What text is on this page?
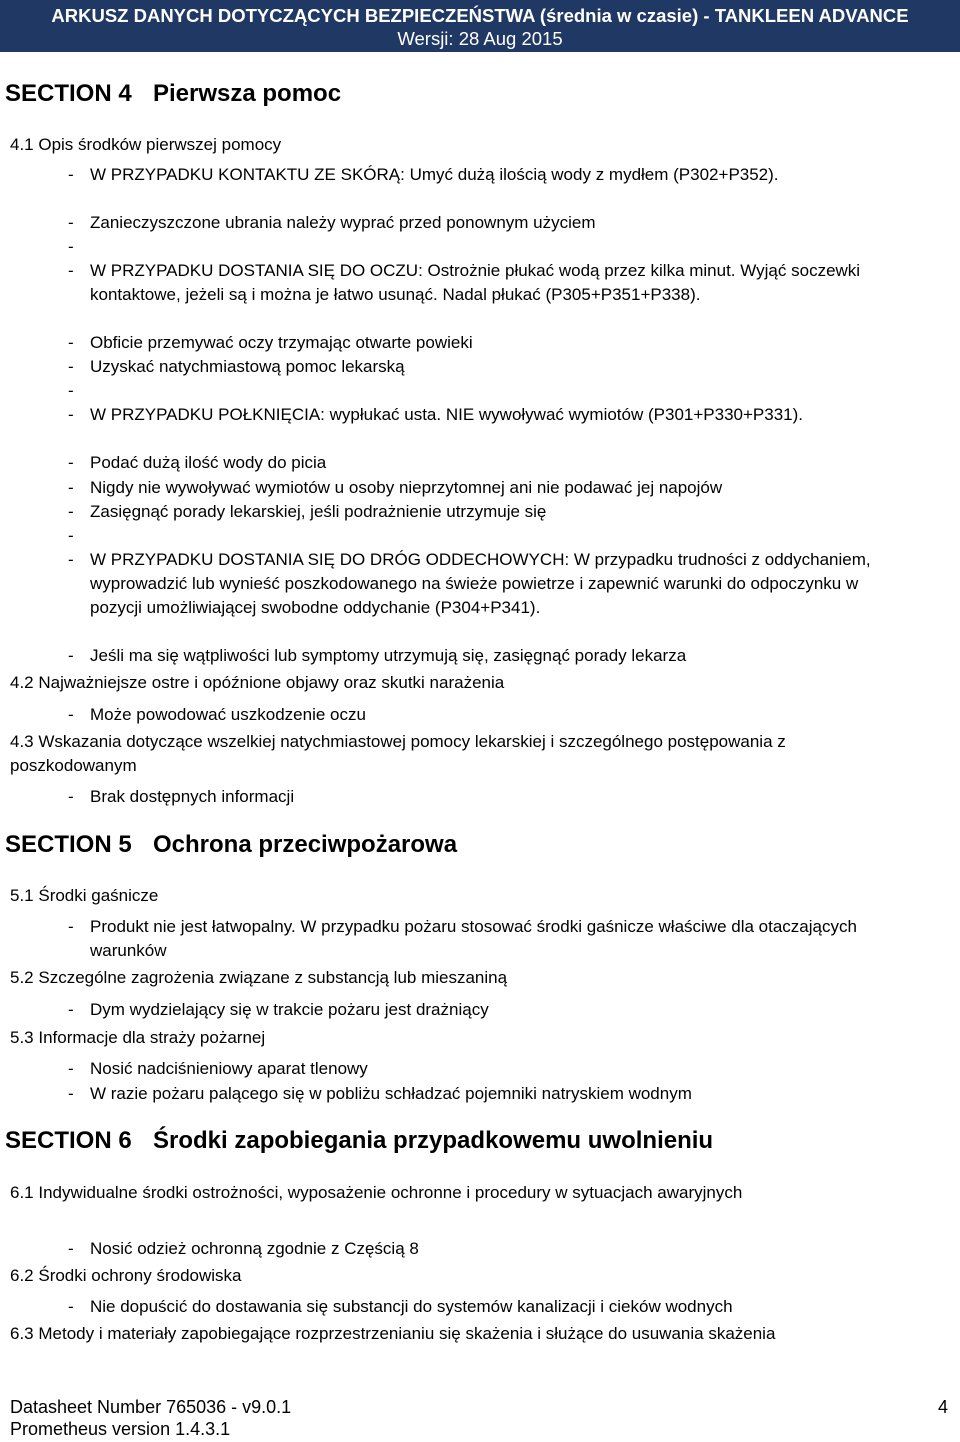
ARKUSZ DANYCH DOTYCZĄCYCH BEZPIECZEŃSTWA (średnia w czasie) - TANKLEEN ADVANCE
Wersji: 28 Aug 2015
SECTION 4 Pierwsza pomoc
4.1 Opis środków pierwszej pomocy
- W PRZYPADKU KONTAKTU ZE SKÓRĄ: Umyć dużą ilością wody z mydłem (P302+P352).
- Zanieczyszczone ubrania należy wyprać przed ponownym użyciem
-
- W PRZYPADKU DOSTANIA SIĘ DO OCZU: Ostrożnie płukać wodą przez kilka minut. Wyjąć soczewki kontaktowe, jeżeli są i można je łatwo usunąć. Nadal płukać (P305+P351+P338).
- Obficie przemywać oczy trzymając otwarte powieki
- Uzyskać natychmiastową pomoc lekarską
-
- W PRZYPADKU POŁKNIĘCIA: wypłukać usta. NIE wywoływać wymiotów (P301+P330+P331).
- Podać dużą ilość wody do picia
- Nigdy nie wywoływać wymiotów u osoby nieprzytomnej ani nie podawać jej napojów
- Zasięgnąć porady lekarskiej, jeśli podrażnienie utrzymuje się
-
- W PRZYPADKU DOSTANIA SIĘ DO DRÓG ODDECHOWYCH: W przypadku trudności z oddychaniem, wyprowadzić lub wynieść poszkodowanego na świeże powietrze i zapewnić warunki do odpoczynku w pozycji umożliwiającej swobodne oddychanie (P304+P341).
- Jeśli ma się wątpliwości lub symptomy utrzymują się, zasięgnąć porady lekarza
4.2 Najważniejsze ostre i opóźnione objawy oraz skutki narażenia
- Może powodować uszkodzenie oczu
4.3 Wskazania dotyczące wszelkiej natychmiastowej pomocy lekarskiej i szczególnego postępowania z poszkodowanym
- Brak dostępnych informacji
SECTION 5 Ochrona przeciwpożarowa
5.1 Środki gaśnicze
- Produkt nie jest łatwopalny. W przypadku pożaru stosować środki gaśnicze właściwe dla otaczających warunków
5.2 Szczególne zagrożenia związane z substancją lub mieszaniną
- Dym wydzielający się w trakcie pożaru jest drażniący
5.3 Informacje dla straży pożarnej
- Nosić nadciśnieniowy aparat tlenowy
- W razie pożaru palącego się w pobliżu schładzać pojemniki natryskiem wodnym
SECTION 6 Środki zapobiegania przypadkowemu uwolnieniu
6.1 Indywidualne środki ostrożności, wyposażenie ochronne i procedury w sytuacjach awaryjnych
- Nosić odzież ochronną zgodnie z Częścią 8
6.2 Środki ochrony środowiska
- Nie dopuścić do dostawania się substancji do systemów kanalizacji i cieków wodnych
6.3 Metody i materiały zapobiegające rozprzestrzenianiu się skażenia i służące do usuwania skażenia
Datasheet Number 765036 - v9.0.1
Prometheus version 1.4.3.1
4
